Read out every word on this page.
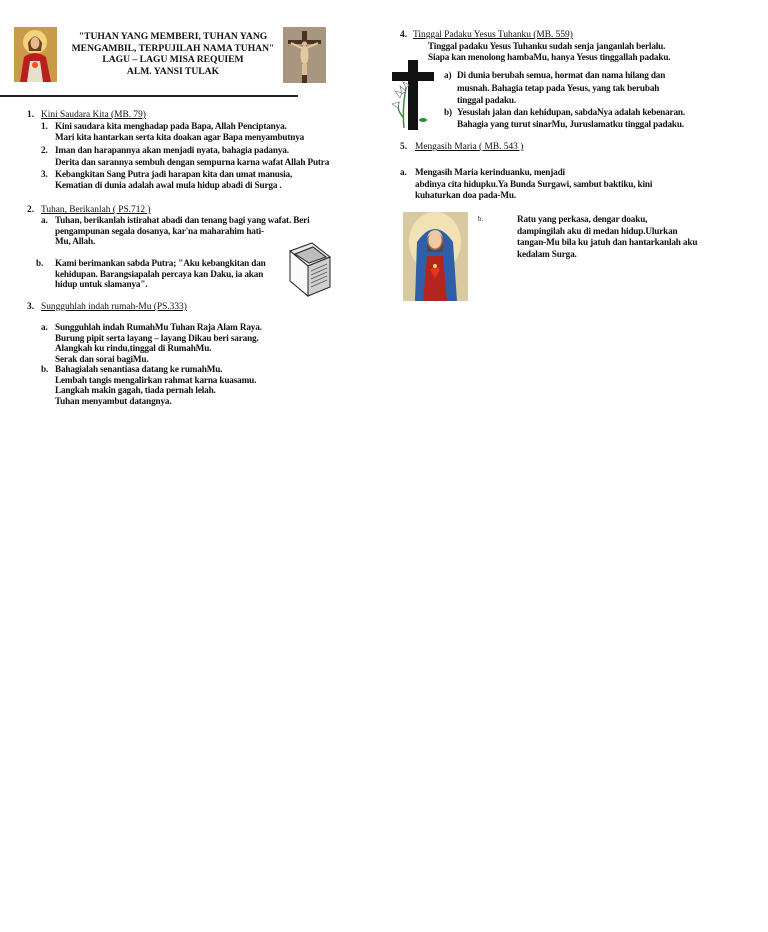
"TUHAN YANG MEMBERI, TUHAN YANG
MENGAMBIL, TERPUJILAH NAMA TUHAN"
LAGU – LAGU MISA REQUIEM
ALM. YANSI TULAK
1. Kini Saudara Kita (MB. 79)
1. Kini saudara kita menghadap pada Bapa, Allah Penciptanya.
Mari kita hantarkan serta kita doakan agar Bapa menyambutnya
2. Iman dan harapannya akan menjadi nyata, bahagia padanya.
Derita dan sarannya sembuh dengan sempurna karna wafat Allah Putra
3. Kebangkitan Sang Putra jadi harapan kita dan umat manusia,
Kematian di dunia adalah awal mula hidup abadi di Surga .
2. Tuhan, Berikanlah ( PS.712 )
a. Tuhan, berikanlah istirahat abadi dan tenang bagi yang wafat. Beri
pengampunan segala dosanya, kar'na maharahim hati-
Mu, Allah.
b. Kami berimankan sabda Putra; "Aku kebangkitan dan
kehidupan. Barangsiapalah percaya kan Daku, ia akan
hidup untuk slamanya".
3. Sungguhlah indah rumah-Mu (PS.333)
a. Sungguhlah indah RumahMu Tuhan Raja Alam Raya.
Burung pipit serta layang – layang Dikau beri sarang.
Alangkah ku rindu,tinggal di RumahMu.
Serak dan sorai bagiMu.
b. Bahagialah senantiasa datang ke rumahMu.
Lembah tangis mengalirkan rahmat karna kuasamu.
Langkah makin gagah, tiada pernah lelah.
Tuhan menyambut datangnya.
4. Tinggal Padaku Yesus Tuhanku (MB. 559)
Tinggal padaku Yesus Tuhanku sudah senja janganlah berlalu.
Siapa kan menolong hambaMu, hanya Yesus tinggallah padaku.
a) Di dunia berubah semua, hormat dan nama hilang dan
musnah. Bahagia tetap pada Yesus, yang tak berubah
tinggal padaku.
b) Yesuslah jalan dan kehidupan, sabdaNya adalah kebenaran.
Bahagia yang turut sinarMu, Juruslamatku tinggal padaku.
5. Mengasih Maria ( MB. 543 )
a. Mengasih Maria kerinduanku, menjadi
abdinya cita hidupku.Ya Bunda Surgawi, sambut baktiku, kini
kuhaturkan doa pada-Mu.
b.	Ratu yang perkasa, dengar doaku,
dampingilah aku di medan hidup.Ulurkan
tangan-Mu bila ku jatuh dan hantarkanlah aku
kedalam Surga.
